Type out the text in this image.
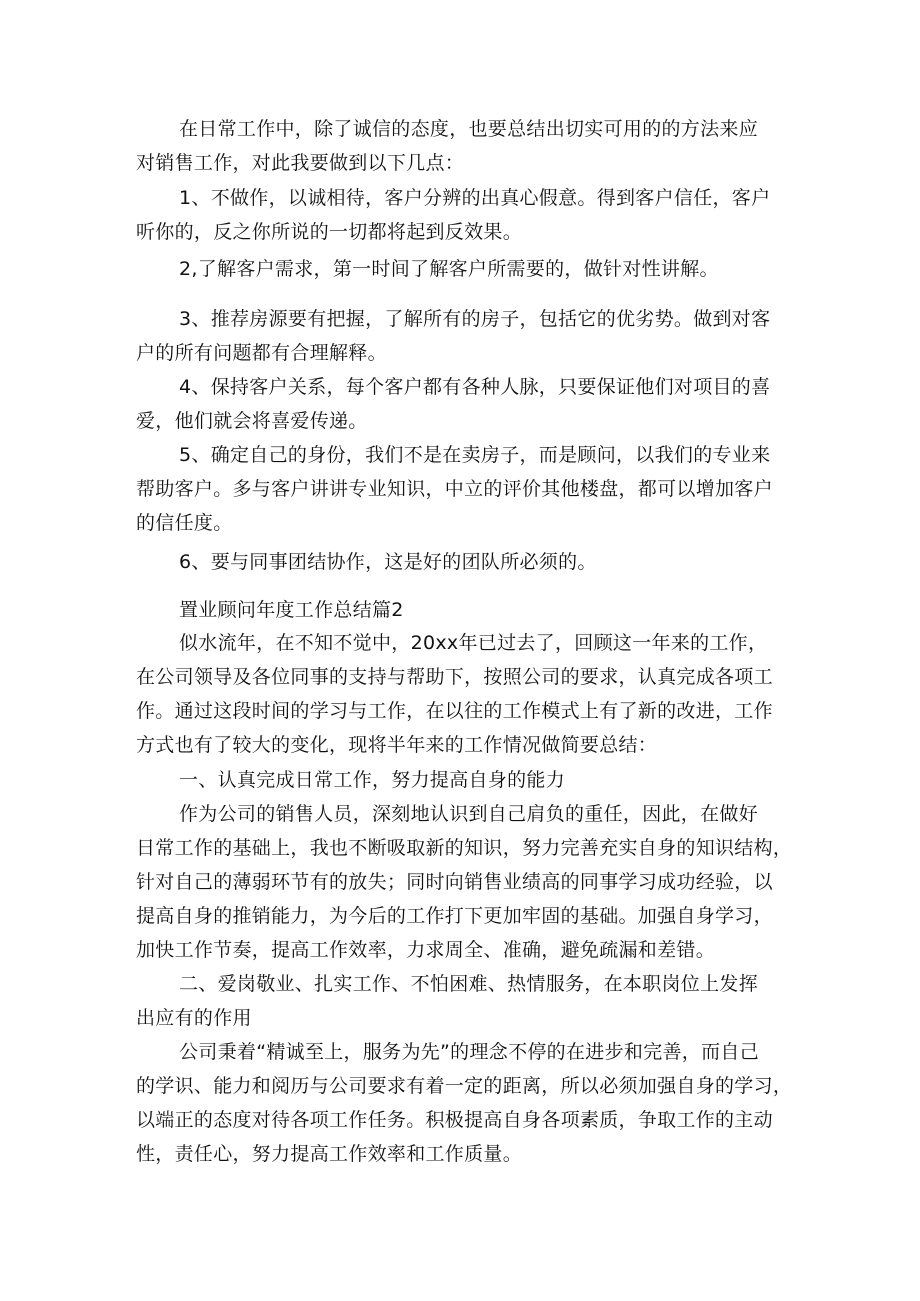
在日常工作中，除了诚信的态度，也要总结出切实可用的的方法来应
对销售工作，对此我要做到以下几点：

1、不做作，以诚相待，客户分辨的出真心假意。得到客户信任，客户
听你的，反之你所说的一切都将起到反效果。

2,了解客户需求，第一时间了解客户所需要的，做针对性讲解。

3、推荐房源要有把握，了解所有的房子，包括它的优劣势。做到对客
户的所有问题都有合理解释。

4、保持客户关系，每个客户都有各种人脉，只要保证他们对项目的喜
爱，他们就会将喜爱传递。

5、确定自己的身份，我们不是在卖房子，而是顾问，以我们的专业来
帮助客户。多与客户讲讲专业知识，中立的评价其他楼盘，都可以增加客户
的信任度。

6、要与同事团结协作，这是好的团队所必须的。

置业顾问年度工作总结篇2

似水流年，在不知不觉中，20xx年已过去了，回顾这一年来的工作，
在公司领导及各位同事的支持与帮助下，按照公司的要求，认真完成各项工
作。通过这段时间的学习与工作，在以往的工作模式上有了新的改进，工作
方式也有了较大的变化，现将半年来的工作情况做简要总结：

一、认真完成日常工作，努力提高自身的能力

作为公司的销售人员，深刻地认识到自己肩负的重任，因此，在做好
日常工作的基础上，我也不断吸取新的知识，努力完善充实自身的知识结构，
针对自己的薄弱环节有的放失；同时向销售业绩高的同事学习成功经验，以
提高自身的推销能力，为今后的工作打下更加牢固的基础。加强自身学习，
加快工作节奏，提高工作效率，力求周全、准确，避免疏漏和差错。

二、爱岗敬业、扎实工作、不怕困难、热情服务，在本职岗位上发挥
出应有的作用

公司秉着“精诚至上，服务为先”的理念不停的在进步和完善，而自己
的学识、能力和阅历与公司要求有着一定的距离，所以必须加强自身的学习，
以端正的态度对待各项工作任务。积极提高自身各项素质，争取工作的主动
性，责任心，努力提高工作效率和工作质量。
